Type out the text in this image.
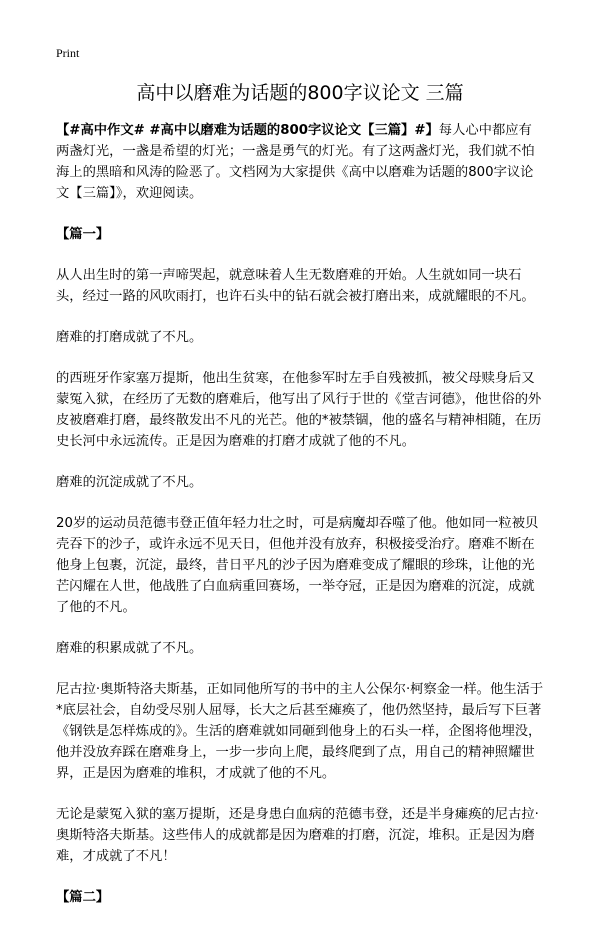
Print
高中以磨难为话题的800字议论文 三篇

【#高中作文# #高中以磨难为话题的800字议论文【三篇】#】每人心中都应有两盏灯光，一盏是希望的灯光；一盏是勇气的灯光。有了这两盏灯光，我们就不怕海上的黑暗和风涛的险恶了。文档网为大家提供《高中以磨难为话题的800字议论文【三篇】》，欢迎阅读。

【篇一】

从人出生时的第一声啼哭起，就意味着人生无数磨难的开始。人生就如同一块石头，经过一路的风吹雨打，也许石头中的钻石就会被打磨出来，成就耀眼的不凡。

磨难的打磨成就了不凡。

的西班牙作家塞万提斯，他出生贫寒，在他参军时左手自残被抓，被父母赎身后又蒙冤入狱，在经历了无数的磨难后，他写出了风行于世的《堂吉诃德》，他世俗的外皮被磨难打磨，最终散发出不凡的光芒。他的*被禁锢，他的盛名与精神相随，在历史长河中永远流传。正是因为磨难的打磨才成就了他的不凡。

磨难的沉淀成就了不凡。

20岁的运动员范德韦登正值年轻力壮之时，可是病魔却吞噬了他。他如同一粒被贝壳吞下的沙子，或许永远不见天日，但他并没有放弃，积极接受治疗。磨难不断在他身上包裹，沉淀，最终，昔日平凡的沙子因为磨难变成了耀眼的珍珠，让他的光芒闪耀在人世，他战胜了白血病重回赛场，一举夺冠，正是因为磨难的沉淀，成就了他的不凡。

磨难的积累成就了不凡。

尼古拉·奥斯特洛夫斯基，正如同他所写的书中的主人公保尔·柯察金一样。他生活于*底层社会，自幼受尽别人屈辱，长大之后甚至瘫痪了，他仍然坚持，最后写下巨著《钢铁是怎样炼成的》。生活的磨难就如同砸到他身上的石头一样，企图将他埋没，他并没放弃踩在磨难身上，一步一步向上爬，最终爬到了点，用自己的精神照耀世界，正是因为磨难的堆积，才成就了他的不凡。

无论是蒙冤入狱的塞万提斯，还是身患白血病的范德韦登，还是半身瘫痪的尼古拉·奥斯特洛夫斯基。这些伟人的成就都是因为磨难的打磨，沉淀，堆积。正是因为磨难，才成就了不凡！

【篇二】
